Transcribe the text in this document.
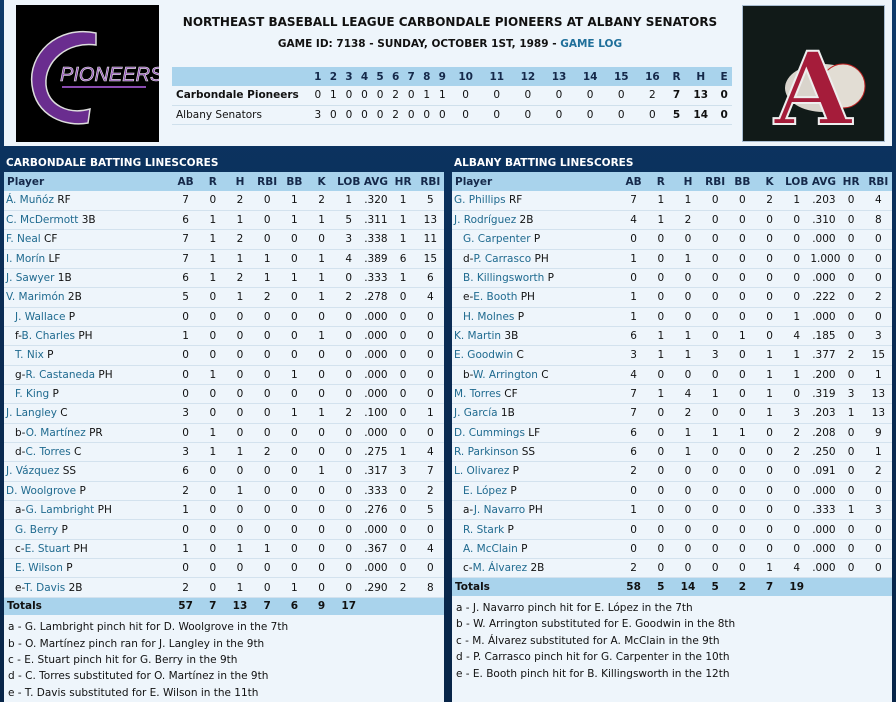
PIONEERS
NORTHEAST BASEBALL LEAGUE CARBONDALE PIONEERS AT ALBANY SENATORS
GAME ID: 7138 - SUNDAY, OCTOBER 1ST, 1989 - GAME LOG
	1	2	3	4	5	6	7	8	9	10	11	12	13	14	15	16	R	H	E
Carbondale Pioneers	0	1	0	0	0	2	0	1	1	0	0	0	0	0	0	2	7	13	0
Albany Senators	3	0	0	0	0	2	0	0	0	0	0	0	0	0	0	0	5	14	0 A
CARBONDALE BATTING LINESCORES
Player	AB	R	H	RBI	BB	K	LOB	AVG	HR	RBI
Á. Muñóz RF	7	0	2	0	1	2	1	.320	1	5
C. McDermott 3B	6	1	1	0	1	1	5	.311	1	13
F. Neal CF	7	1	2	0	0	0	3	.338	1	11
I. Morín LF	7	1	1	1	0	1	4	.389	6	15
J. Sawyer 1B	6	1	2	1	1	1	0	.333	1	6
V. Marimón 2B	5	0	1	2	0	1	2	.278	0	4
J. Wallace P	0	0	0	0	0	0	0	.000	0	0
f-B. Charles PH	1	0	0	0	0	1	0	.000	0	0
T. Nix P	0	0	0	0	0	0	0	.000	0	0
g-R. Castaneda PH	0	1	0	0	1	0	0	.000	0	0
F. King P	0	0	0	0	0	0	0	.000	0	0
J. Langley C	3	0	0	0	1	1	2	.100	0	1
b-O. Martínez PR	0	1	0	0	0	0	0	.000	0	0
d-C. Torres C	3	1	1	2	0	0	0	.275	1	4
J. Vázquez SS	6	0	0	0	0	1	0	.317	3	7
D. Woolgrove P	2	0	1	0	0	0	0	.333	0	2
a-G. Lambright PH	1	0	0	0	0	0	0	.276	0	5
G. Berry P	0	0	0	0	0	0	0	.000	0	0
c-E. Stuart PH	1	0	1	1	0	0	0	.367	0	4
E. Wilson P	0	0	0	0	0	0	0	.000	0	0
e-T. Davis 2B	2	0	1	0	1	0	0	.290	2	8
Totals	57	7	13	7	6	9	17			
a - G. Lambright pinch hit for D. Woolgrove in the 7th
b - O. Martínez pinch ran for J. Langley in the 9th
c - E. Stuart pinch hit for G. Berry in the 9th
d - C. Torres substituted for O. Martínez in the 9th
e - T. Davis substituted for E. Wilson in the 11th
ALBANY BATTING LINESCORES
Player	AB	R	H	RBI	BB	K	LOB	AVG	HR	RBI
G. Phillips RF	7	1	1	0	0	2	1	.203	0	4
J. Rodríguez 2B	4	1	2	0	0	0	0	.310	0	8
G. Carpenter P	0	0	0	0	0	0	0	.000	0	0
d-P. Carrasco PH	1	0	1	0	0	0	0	1.000	0	0
B. Killingsworth P	0	0	0	0	0	0	0	.000	0	0
e-E. Booth PH	1	0	0	0	0	0	0	.222	0	2
H. Molnes P	1	0	0	0	0	0	1	.000	0	0
K. Martin 3B	6	1	1	0	1	0	4	.185	0	3
E. Goodwin C	3	1	1	3	0	1	1	.377	2	15
b-W. Arrington C	4	0	0	0	0	1	1	.200	0	1
M. Torres CF	7	1	4	1	0	1	0	.319	3	13
J. García 1B	7	0	2	0	0	1	3	.203	1	13
D. Cummings LF	6	0	1	1	1	0	2	.208	0	9
R. Parkinson SS	6	0	1	0	0	0	2	.250	0	1
L. Olivarez P	2	0	0	0	0	0	0	.091	0	2
E. López P	0	0	0	0	0	0	0	.000	0	0
a-J. Navarro PH	1	0	0	0	0	0	0	.333	1	3
R. Stark P	0	0	0	0	0	0	0	.000	0	0
A. McClain P	0	0	0	0	0	0	0	.000	0	0
c-M. Álvarez 2B	2	0	0	0	0	1	4	.000	0	0
Totals	58	5	14	5	2	7	19			
a - J. Navarro pinch hit for E. López in the 7th
b - W. Arrington substituted for E. Goodwin in the 8th
c - M. Álvarez substituted for A. McClain in the 9th
d - P. Carrasco pinch hit for G. Carpenter in the 10th
e - E. Booth pinch hit for B. Killingsworth in the 12th
